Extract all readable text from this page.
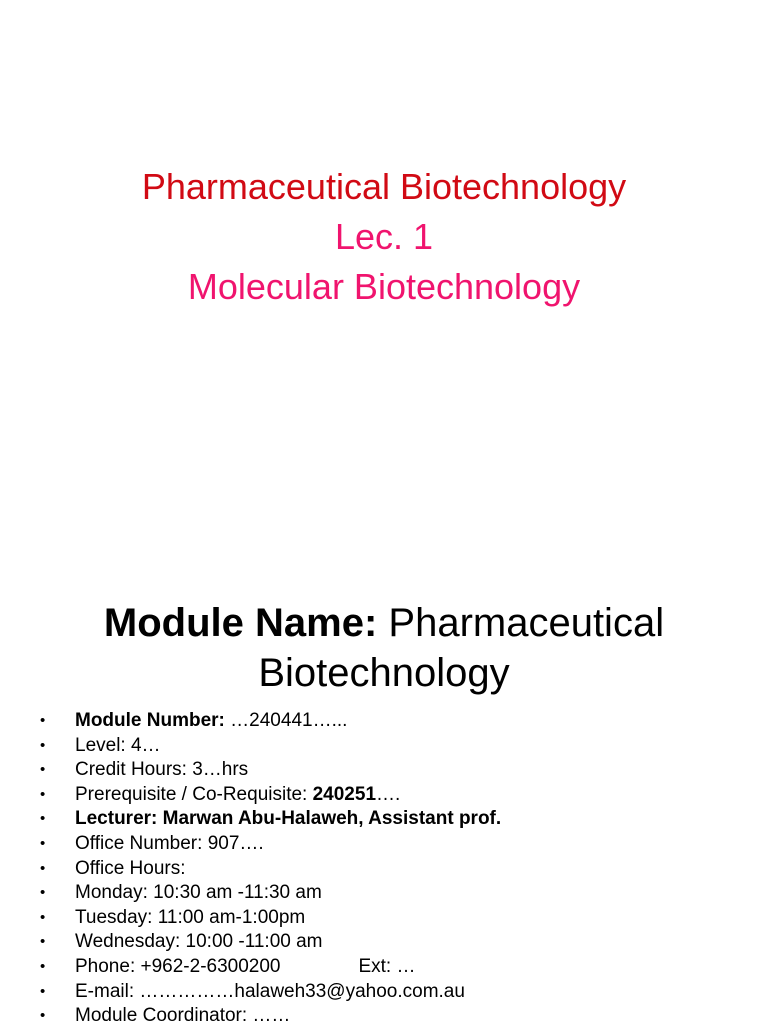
Pharmaceutical Biotechnology
Lec. 1
Molecular Biotechnology
Module Name: Pharmaceutical
Biotechnology
•	Module Number: …240441…...
•	Level: 4…
•	Credit Hours: 3…hrs
•	Prerequisite / Co-Requisite: 240251….
•	Lecturer: Marwan Abu-Halaweh, Assistant prof.
•	Office Number: 907….
•	Office Hours:
•	Monday: 10:30 am -11:30 am
•	Tuesday: 11:00 am-1:00pm
•	Wednesday: 10:00 -11:00 am
•	Phone: +962-2-6300200	Ext: …
•	E-mail: ……………halaweh33@yahoo.com.au
•	Module Coordinator: ……
